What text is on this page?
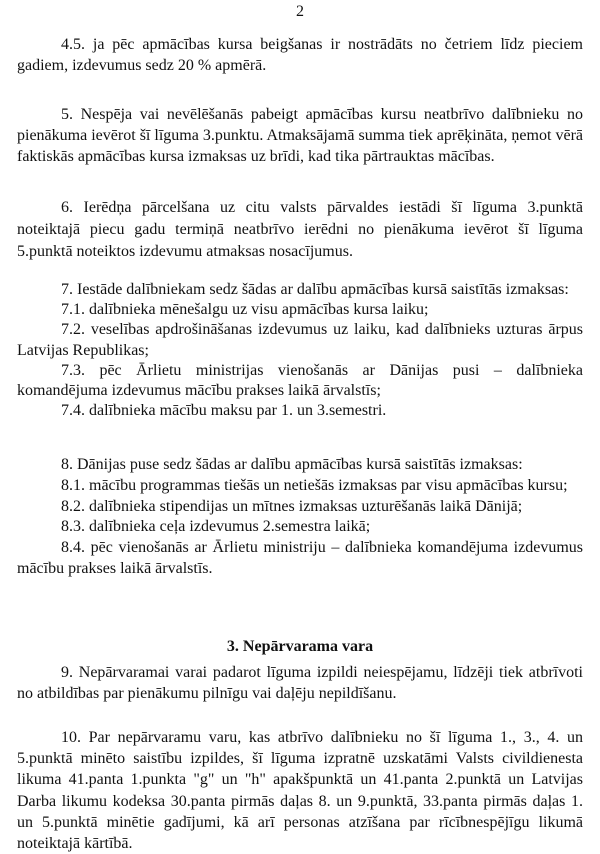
2

4.5. ja pēc apmācības kursa beigšanas ir nostrādāts no četriem līdz pieciem gadiem, izdevumus sedz 20 % apmērā.

5. Nespēja vai nevēlēšanās pabeigt apmācības kursu neatbrīvo dalībnieku no pienākuma ievērot šī līguma 3.punktu. Atmaksājamā summa tiek aprēķināta, ņemot vērā faktiskās apmācības kursa izmaksas uz brīdi, kad tika pārtrauktas mācības.

6. Ierēdņa pārcelšana uz citu valsts pārvaldes iestādi šī līguma 3.punktā noteiktajā piecu gadu termiņā neatbrīvo ierēdni no pienākuma ievērot šī līguma 5.punktā noteiktos izdevumu atmaksas nosacījumus.

7. Iestāde dalībniekam sedz šādas ar dalību apmācības kursā saistītās izmaksas:

7.1. dalībnieka mēnešalgu uz visu apmācības kursa laiku;

7.2. veselības apdrošināšanas izdevumus uz laiku, kad dalībnieks uzturas ārpus Latvijas Republikas;

7.3. pēc Ārlietu ministrijas vienošanās ar Dānijas pusi – dalībnieka komandējuma izdevumus mācību prakses laikā ārvalstīs;

7.4. dalībnieka mācību maksu par 1. un 3.semestri.

8. Dānijas puse sedz šādas ar dalību apmācības kursā saistītās izmaksas:

8.1. mācību programmas tiešās un netiešās izmaksas par visu apmācības kursu;

8.2. dalībnieka stipendijas un mītnes izmaksas uzturēšanās laikā Dānijā;

8.3. dalībnieka ceļa izdevumus 2.semestra laikā;

8.4. pēc vienošanās ar Ārlietu ministriju – dalībnieka komandējuma izdevumus mācību prakses laikā ārvalstīs.

3. Nepārvarama vara

9. Nepārvaramai varai padarot līguma izpildi neiespējamu, līdzēji tiek atbrīvoti no atbildības par pienākumu pilnīgu vai daļēju nepildīšanu.

10. Par nepārvaramu varu, kas atbrīvo dalībnieku no šī līguma 1., 3., 4. un 5.punktā minēto saistību izpildes, šī līguma izpratnē uzskatāmi Valsts civildienesta likuma 41.panta 1.punkta "g" un "h" apakšpunktā un 41.panta 2.punktā un Latvijas Darba likumu kodeksa 30.panta pirmās daļas 8. un 9.punktā, 33.panta pirmās daļas 1. un 5.punktā minētie gadījumi, kā arī personas atzīšana par rīcībnespējīgu likumā noteiktajā kārtībā.
